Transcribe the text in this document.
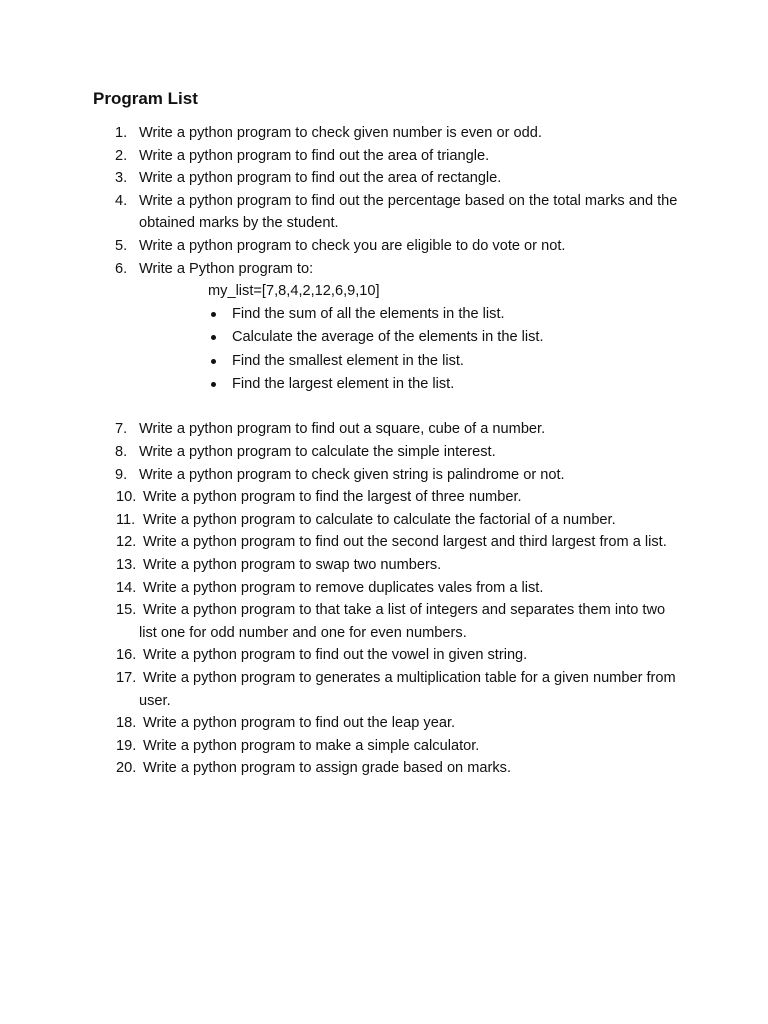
Program List
1. Write a python program to check given number is even or odd.
2. Write a python program to find out the area of triangle.
3. Write a python program to find out the area of rectangle.
4. Write a python program to find out the percentage based on the total marks and the obtained marks by the student.
5. Write a python program to check you are eligible to do vote or not.
6. Write a Python program to:
my_list=[7,8,4,2,12,6,9,10]
Find the sum of all the elements in the list.
Calculate the average of the elements in the list.
Find the smallest element in the list.
Find the largest element in the list.
7. Write a python program to find out a square, cube of a number.
8. Write a python program to calculate the simple interest.
9. Write a python program to check given string is palindrome or not.
10. Write a python program to find the largest of three number.
11. Write a python program to calculate to calculate the factorial of a number.
12. Write a python program to find out the second largest and third largest from a list.
13. Write a python program to swap two numbers.
14. Write a python program to remove duplicates vales from a list.
15. Write a python program to that take a list of integers and separates them into two list one for odd number and one for even numbers.
16. Write a python program to find out the vowel in given string.
17. Write a python program to generates a multiplication table for a given number from user.
18. Write a python program to find out the leap year.
19. Write a python program to make a simple calculator.
20. Write a python program to assign grade based on marks.
